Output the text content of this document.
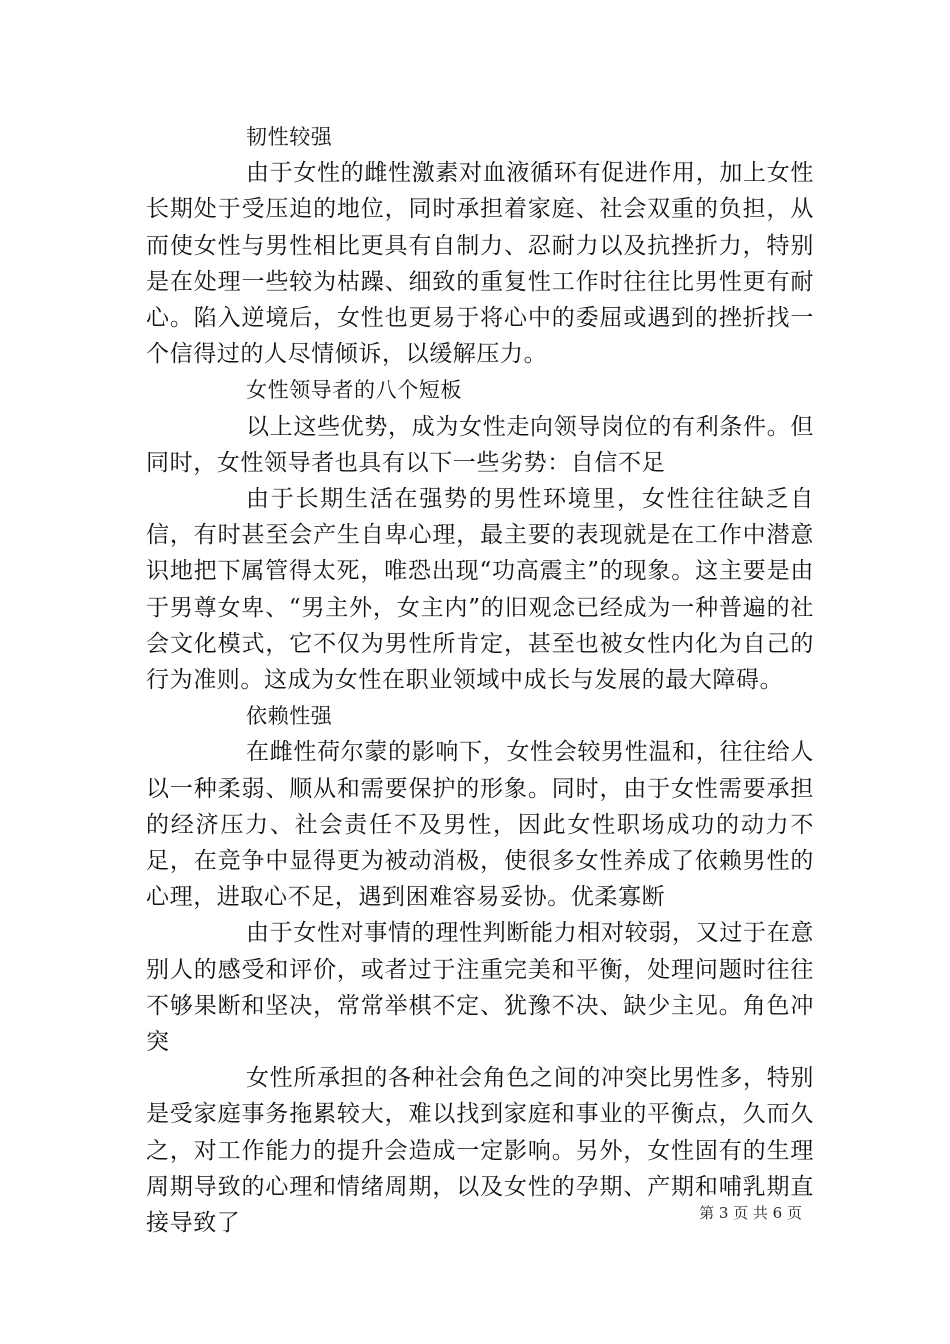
韧性较强

由于女性的雌性激素对血液循环有促进作用，加上女性长期处于受压迫的地位，同时承担着家庭、社会双重的负担，从而使女性与男性相比更具有自制力、忍耐力以及抗挫折力，特别是在处理一些较为枯躁、细致的重复性工作时往往比男性更有耐心。陷入逆境后，女性也更易于将心中的委屈或遇到的挫折找一个信得过的人尽情倾诉，以缓解压力。

女性领导者的八个短板

以上这些优势，成为女性走向领导岗位的有利条件。但同时，女性领导者也具有以下一些劣势：自信不足

由于长期生活在强势的男性环境里，女性往往缺乏自信，有时甚至会产生自卑心理，最主要的表现就是在工作中潜意识地把下属管得太死，唯恐出现“功高震主”的现象。这主要是由于男尊女卑、“男主外，女主内”的旧观念已经成为一种普遍的社会文化模式，它不仅为男性所肯定，甚至也被女性内化为自己的行为准则。这成为女性在职业领域中成长与发展的最大障碍。

依赖性强

在雌性荷尔蒙的影响下，女性会较男性温和，往往给人以一种柔弱、顺从和需要保护的形象。同时，由于女性需要承担的经济压力、社会责任不及男性，因此女性职场成功的动力不足，在竞争中显得更为被动消极，使很多女性养成了依赖男性的心理，进取心不足，遇到困难容易妥协。优柔寡断

由于女性对事情的理性判断能力相对较弱，又过于在意别人的感受和评价，或者过于注重完美和平衡，处理问题时往往不够果断和坚决，常常举棋不定、犹豫不决、缺少主见。角色冲突

女性所承担的各种社会角色之间的冲突比男性多，特别是受家庭事务拖累较大，难以找到家庭和事业的平衡点，久而久之，对工作能力的提升会造成一定影响。另外，女性固有的生理周期导致的心理和情绪周期，以及女性的孕期、产期和哺乳期直接导致了	第 3 页 共 6 页
